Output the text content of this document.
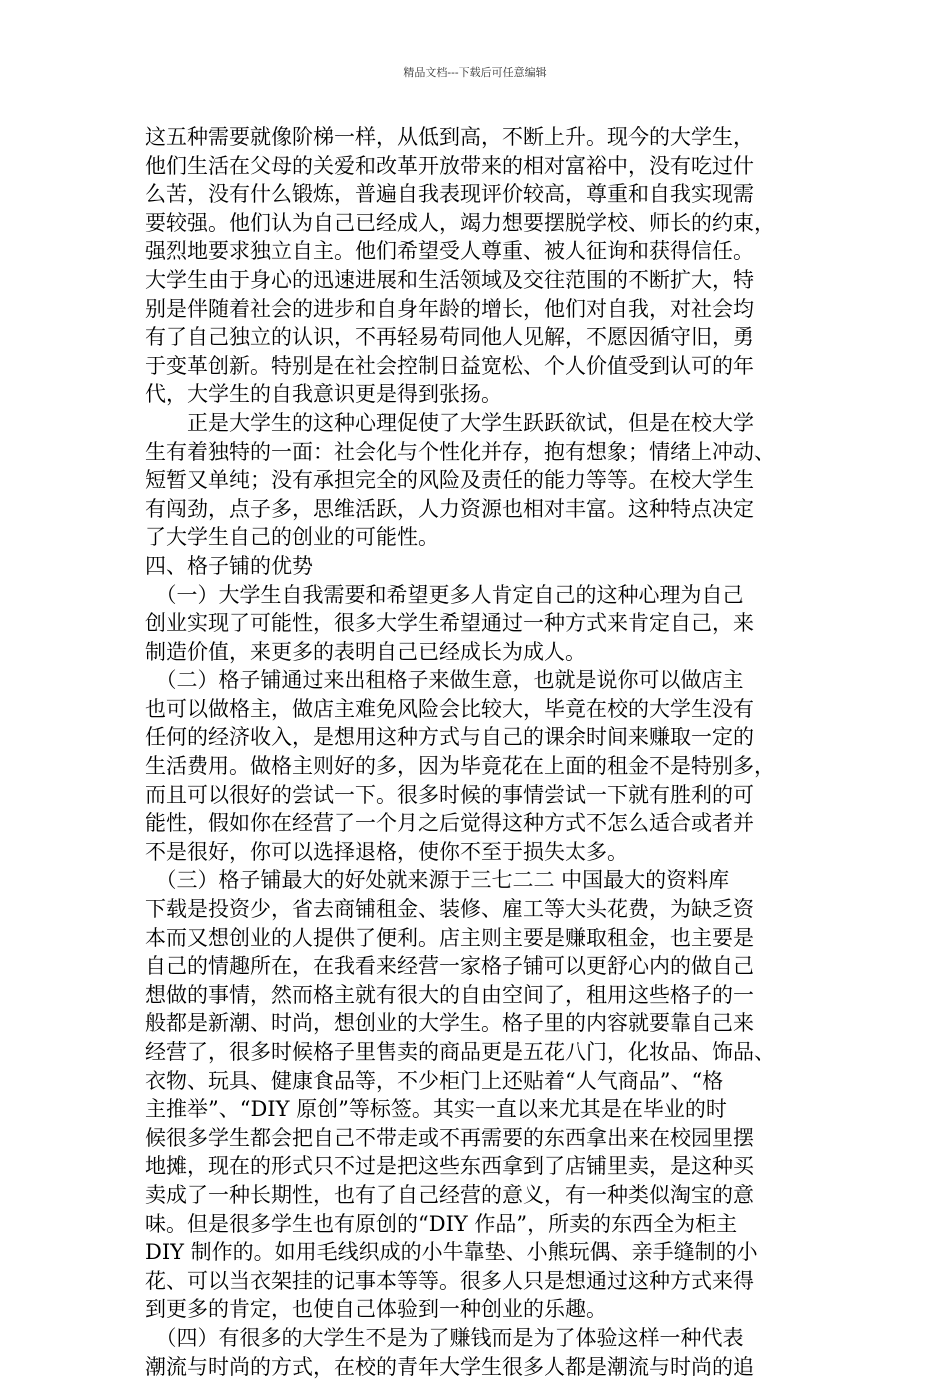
精品文档---下载后可任意编辑
这五种需要就像阶梯一样，从低到高，不断上升。现今的大学生，
他们生活在父母的关爱和改革开放带来的相对富裕中，没有吃过什
么苦，没有什么锻炼，普遍自我表现评价较高，尊重和自我实现需
要较强。他们认为自己已经成人，竭力想要摆脱学校、师长的约束，
强烈地要求独立自主。他们希望受人尊重、被人征询和获得信任。
大学生由于身心的迅速进展和生活领域及交往范围的不断扩大，特
别是伴随着社会的进步和自身年龄的增长，他们对自我，对社会均
有了自己独立的认识，不再轻易苟同他人见解，不愿因循守旧，勇
于变革创新。特别是在社会控制日益宽松、个人价值受到认可的年
代，大学生的自我意识更是得到张扬。
　　正是大学生的这种心理促使了大学生跃跃欲试，但是在校大学
生有着独特的一面：社会化与个性化并存，抱有想象；情绪上冲动、
短暂又单纯；没有承担完全的风险及责任的能力等等。在校大学生
有闯劲，点子多，思维活跃，人力资源也相对丰富。这种特点决定
了大学生自己的创业的可能性。
四、格子铺的优势
　（一）大学生自我需要和希望更多人肯定自己的这种心理为自己
创业实现了可能性，很多大学生希望通过一种方式来肯定自己，来
制造价值，来更多的表明自己已经成长为成人。
　（二）格子铺通过来出租格子来做生意，也就是说你可以做店主
也可以做格主，做店主难免风险会比较大，毕竟在校的大学生没有
任何的经济收入，是想用这种方式与自己的课余时间来赚取一定的
生活费用。做格主则好的多，因为毕竟花在上面的租金不是特别多，
而且可以很好的尝试一下。很多时候的事情尝试一下就有胜利的可
能性，假如你在经营了一个月之后觉得这种方式不怎么适合或者并
不是很好，你可以选择退格，使你不至于损失太多。
　（三）格子铺最大的好处就来源于三七二二 中国最大的资料库
下载是投资少，省去商铺租金、装修、雇工等大头花费，为缺乏资
本而又想创业的人提供了便利。店主则主要是赚取租金，也主要是
自己的情趣所在，在我看来经营一家格子铺可以更舒心内的做自己
想做的事情，然而格主就有很大的自由空间了，租用这些格子的一
般都是新潮、时尚，想创业的大学生。格子里的内容就要靠自己来
经营了，很多时候格子里售卖的商品更是五花八门，化妆品、饰品、
衣物、玩具、健康食品等，不少柜门上还贴着“人气商品”、“格
主推举”、“DIY 原创”等标签。其实一直以来尤其是在毕业的时
候很多学生都会把自己不带走或不再需要的东西拿出来在校园里摆
地摊，现在的形式只不过是把这些东西拿到了店铺里卖，是这种买
卖成了一种长期性，也有了自己经营的意义，有一种类似淘宝的意
味。但是很多学生也有原创的“DIY 作品”，所卖的东西全为柜主
DIY 制作的。如用毛线织成的小牛靠垫、小熊玩偶、亲手缝制的小
花、可以当衣架挂的记事本等等。很多人只是想通过这种方式来得
到更多的肯定，也使自己体验到一种创业的乐趣。
　（四）有很多的大学生不是为了赚钱而是为了体验这样一种代表
潮流与时尚的方式，在校的青年大学生很多人都是潮流与时尚的追
